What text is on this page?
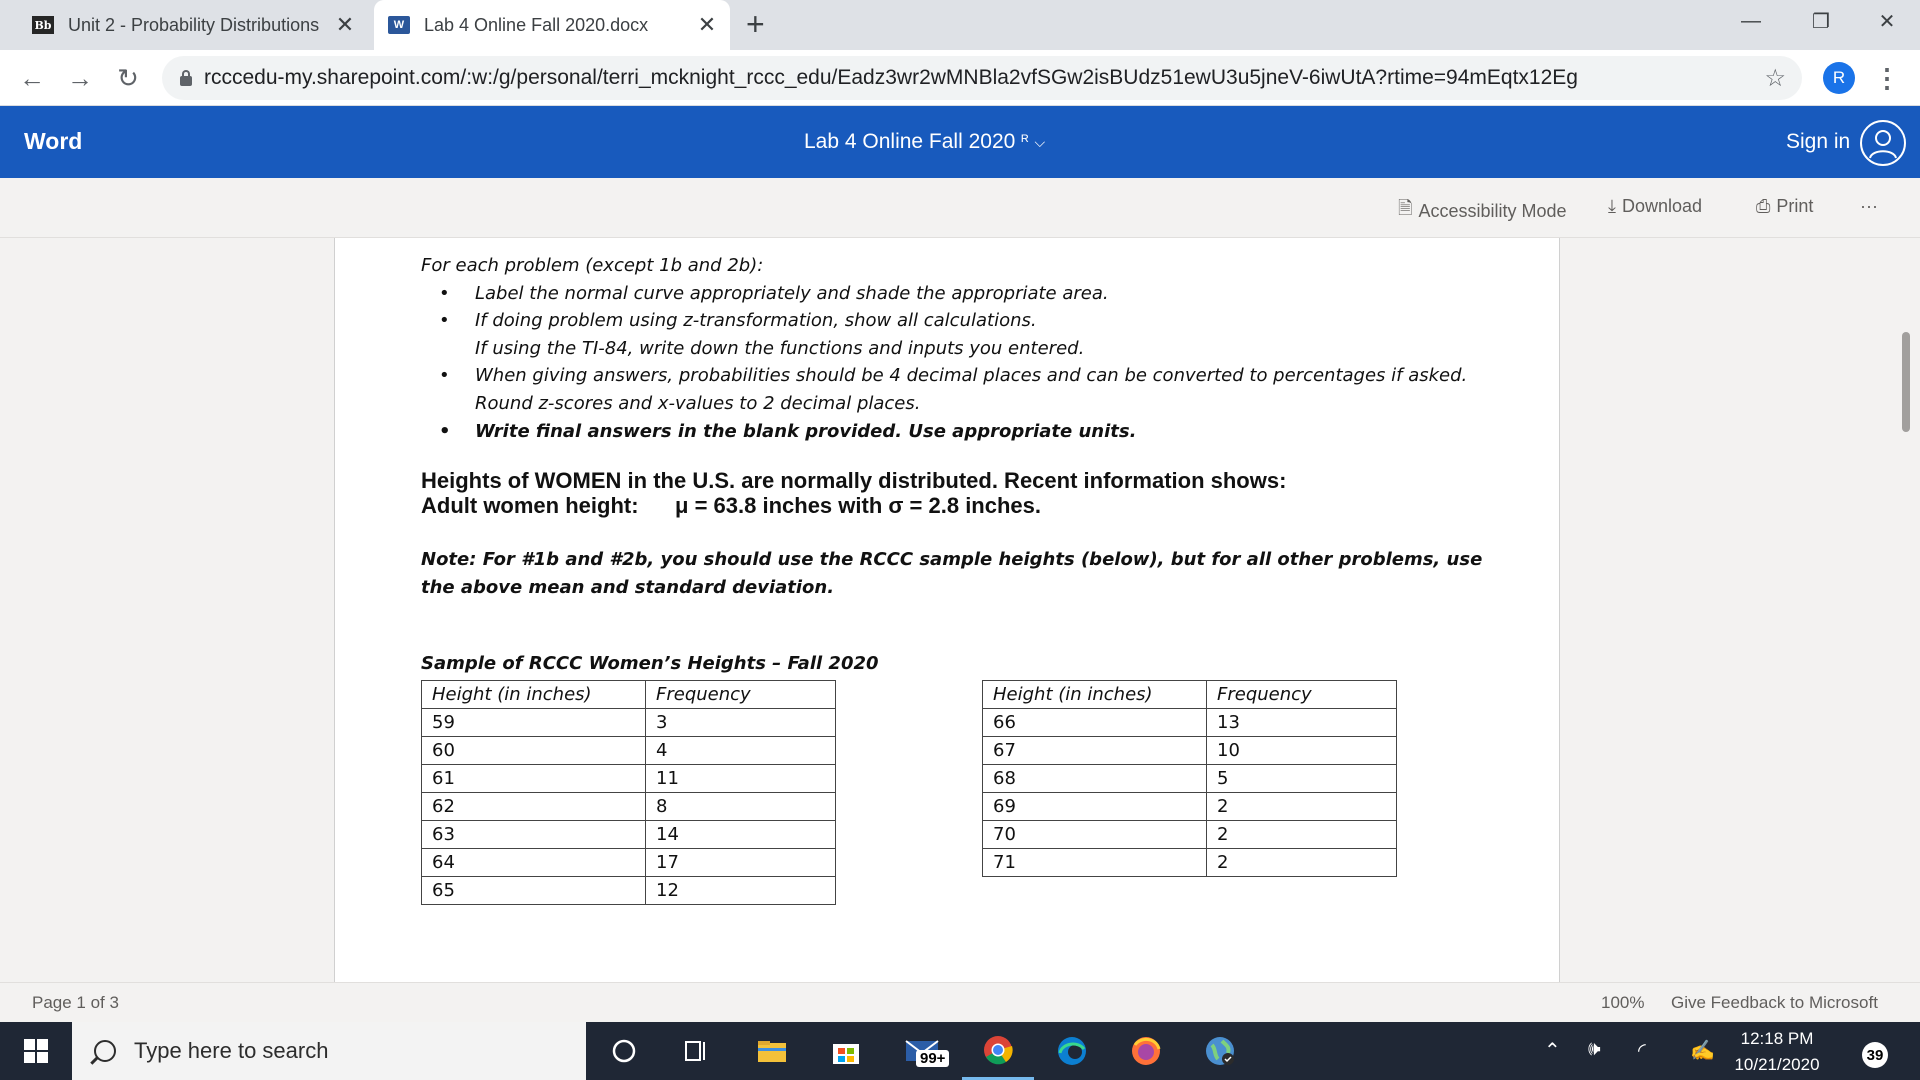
Bb Unit 2 - Probability Distributions ✕	W	Lab 4 Online Fall 2020.docx	✕ +	—	❐	✕
← → ↻	rcccedu-my.sharepoint.com/:w:/g/personal/terri_mcknight_rccc_edu/Eadz3wr2wMNBla2vfSGw2isBUdz51ewU3u5jneV-6iwUtA?rtime=94mEqtx12Eg	☆	R	⋮
Word	Lab 4 Online Fall 2020 ᴿ ⌵	Sign in
🗎 Accessibility Mode ⤓ Download	⎙ Print	···
For each problem (except 1b and 2b):
•	Label the normal curve appropriately and shade the appropriate area.
•	If doing problem using z-transformation, show all calculations.
If using the TI-84, write down the functions and inputs you entered.
•	When giving answers, probabilities should be 4 decimal places and can be converted to percentages if asked.
Round z-scores and x-values to 2 decimal places.
•	Write final answers in the blank provided. Use appropriate units.
Heights of WOMEN in the U.S. are normally distributed. Recent information shows:
Adult women height: μ = 63.8 inches with σ = 2.8 inches.
Note: For #1b and #2b, you should use the RCCC sample heights (below), but for all other problems, use the above mean and standard deviation.
Sample of RCCC Women’s Heights – Fall 2020
Height (in inches)	Frequency
59	3
60	4
61	11
62	8
63	14
64	17
65	12
Height (in inches)	Frequency
66	13
67	10
68	5
69	2
70	2
71	2
Page 1 of 3	100% Give Feedback to Microsoft
Type here to search	99+	⌃ 🕪 ◜ ✍
12:18 PM
10/21/2020	39
